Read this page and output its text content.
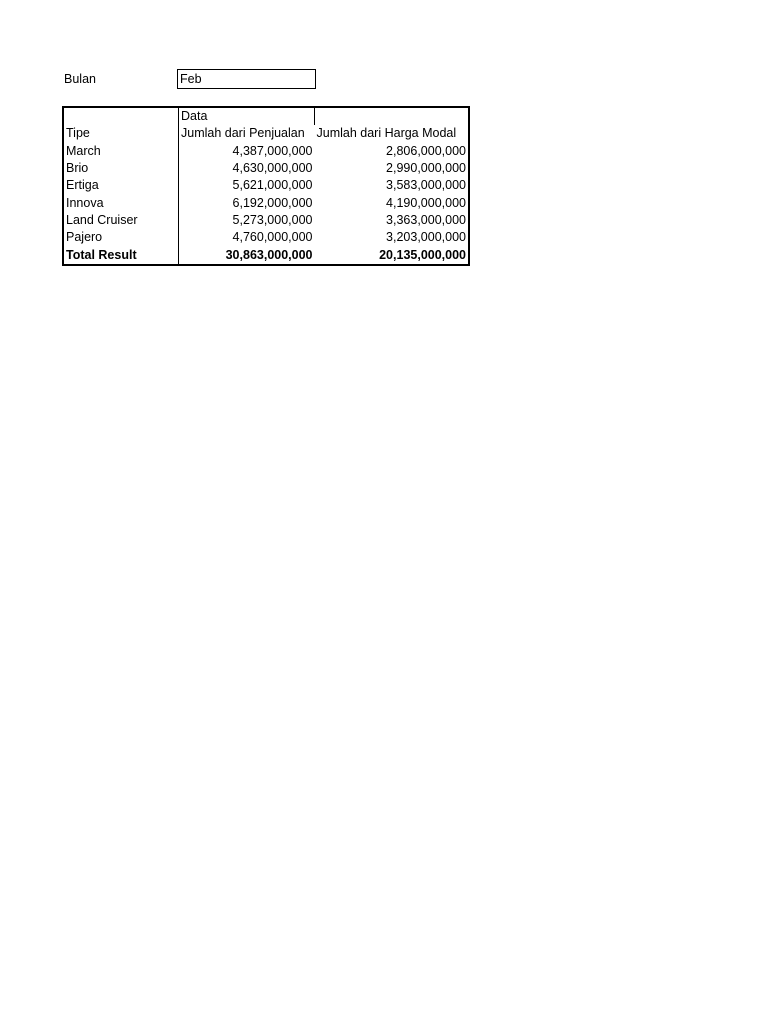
Bulan	Feb
	Data	
Tipe	Jumlah dari Penjualan	Jumlah dari Harga Modal
March	4,387,000,000	2,806,000,000
Brio	4,630,000,000	2,990,000,000
Ertiga	5,621,000,000	3,583,000,000
Innova	6,192,000,000	4,190,000,000
Land Cruiser	5,273,000,000	3,363,000,000
Pajero	4,760,000,000	3,203,000,000
Total Result	30,863,000,000	20,135,000,000
